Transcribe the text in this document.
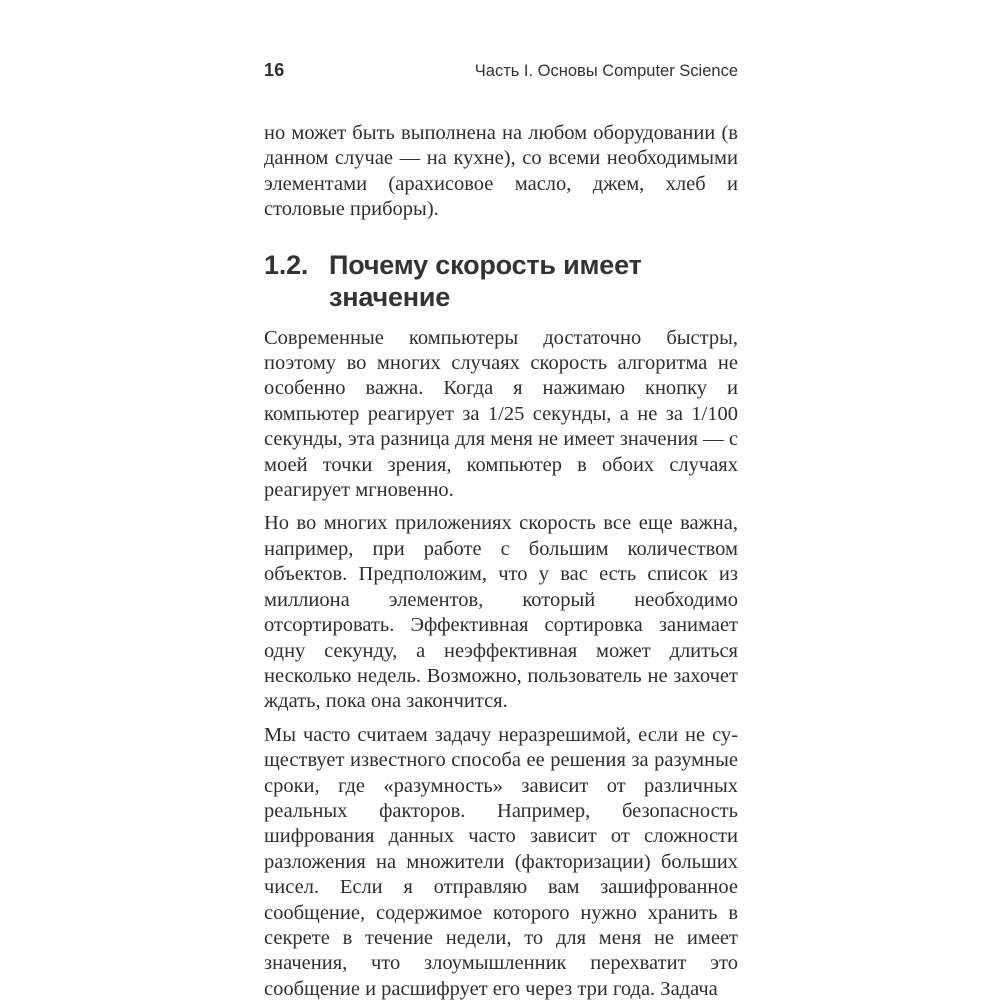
16	Часть I. Основы Computer Science

но может быть выполнена на любом оборудовании (в данном случае — на кухне), со всеми необходимыми элементами (арахисовое масло, джем, хлеб и столовые приборы).

1.2. Почему скорость имеет значение

Современные компьютеры достаточно быстры, поэтому во многих случаях скорость алгоритма не особенно важна. Когда я нажимаю кнопку и компьютер реагирует за 1/25 секунды, а не за 1/100 секунды, эта разница для меня не имеет значения — с моей точки зрения, компьютер в обоих случаях реагирует мгновенно.

Но во многих приложениях скорость все еще важна, например, при работе с большим количеством объектов. Предположим, что у вас есть список из миллиона элементов, который необходимо отсортировать. Эффективная сортировка занимает одну секунду, а неэффективная может длиться несколько недель. Возможно, пользователь не захочет ждать, пока она закончится.

Мы часто считаем задачу неразрешимой, если не существует известного способа ее решения за разумные сроки, где «разумность» зависит от различных реальных факторов. Например, безопасность шифрования данных часто зависит от сложности разложения на множители (факторизации) больших чисел. Если я отправляю вам зашифрованное сообщение, содержимое которого нужно хранить в секрете в течение недели, то для меня не имеет значения, что злоумышленник перехватит это сообщение и расшифрует его через три года. Задача
